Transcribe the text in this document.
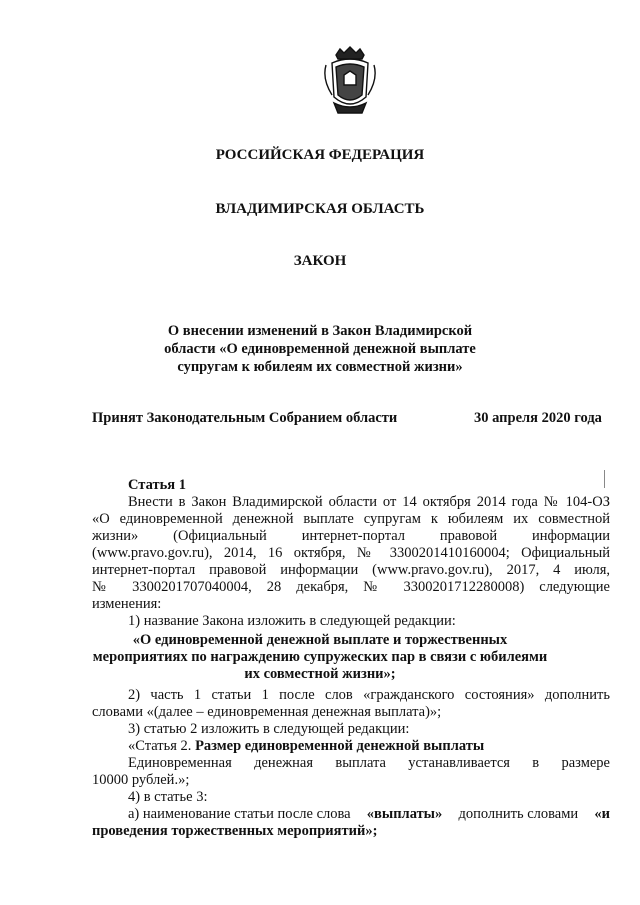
РОССИЙСКАЯ ФЕДЕРАЦИЯ
ВЛАДИМИРСКАЯ ОБЛАСТЬ
ЗАКОН
О внесении изменений в Закон Владимирской
области «О единовременной денежной выплате
супругам к юбилеям их совместной жизни»
Принят Законодательным Собранием области	30 апреля 2020 года
Статья 1
Внести в Закон Владимирской области от 14 октября 2014 года № 104-ОЗ
«О единовременной денежной выплате супругам к юбилеям их совместной
жизни» (Официальный интернет-портал правовой информации
(www.pravo.gov.ru), 2014, 16 октября, № 3300201410160004; Официальный
интернет-портал правовой информации (www.pravo.gov.ru), 2017, 4 июля,
№ 3300201707040004, 28 декабря, № 3300201712280008) следующие
изменения:
1) название Закона изложить в следующей редакции:
«О единовременной денежной выплате и торжественных
мероприятиях по награждению супружеских пар в связи с юбилеями
их совместной жизни»;
2) часть 1 статьи 1 после слов «гражданского состояния» дополнить
словами «(далее – единовременная денежная выплата)»;
3) статью 2 изложить в следующей редакции:
«Статья 2. Размер единовременной денежной выплаты
Единовременная денежная выплата устанавливается в размере
10000 рублей.»;
4) в статье 3:
а) наименование статьи после слова «выплаты» дополнить словами «и
проведения торжественных мероприятий»;
